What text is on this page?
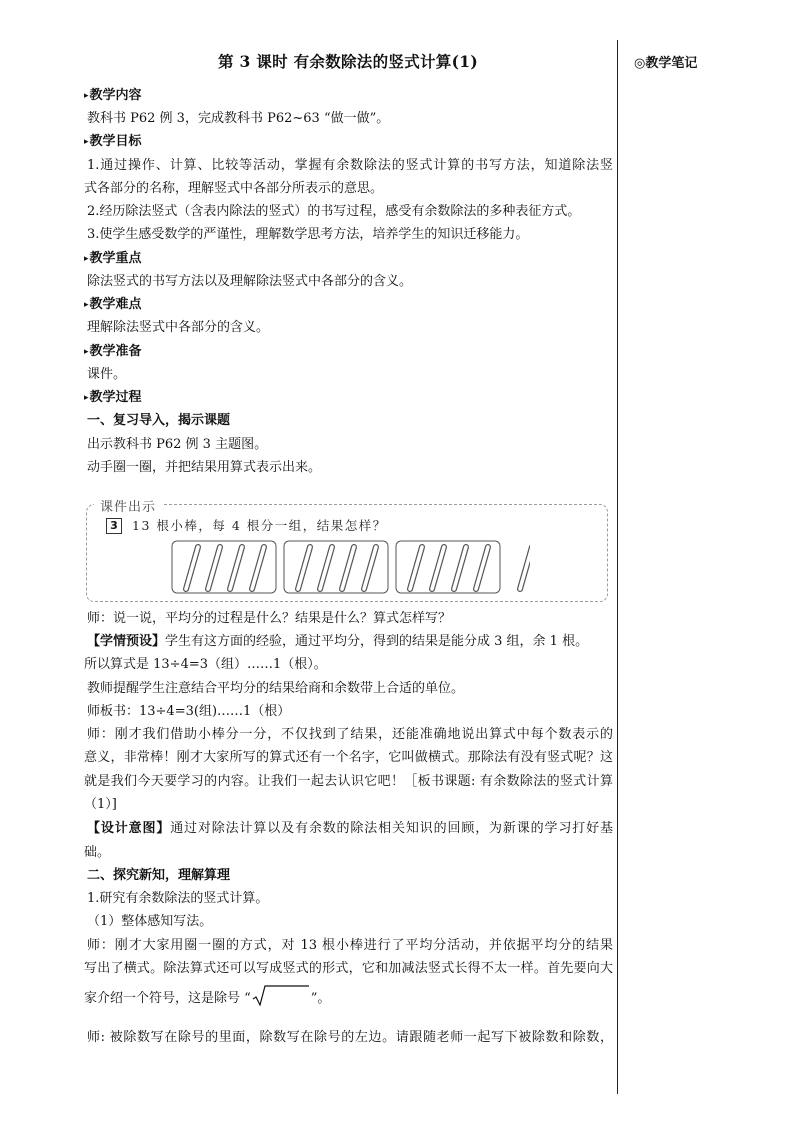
◎教学笔记
第 3 课时 有余数除法的竖式计算(1)
▸ 教学内容
教科书 P62 例 3，完成教科书 P62~63 “做一做”。
▸ 教学目标
1.通过操作、计算、比较等活动，掌握有余数除法的竖式计算的书写方法，知道除法竖
式各部分的名称，理解竖式中各部分所表示的意思。
2.经历除法竖式（含表内除法的竖式）的书写过程，感受有余数除法的多种表征方式。
3.使学生感受数学的严谨性，理解数学思考方法，培养学生的知识迁移能力。
▸ 教学重点
除法竖式的书写方法以及理解除法竖式中各部分的含义。
▸ 教学难点
理解除法竖式中各部分的含义。
▸ 教学准备
课件。
▸ 教学过程
一、复习导入，揭示课题
出示教科书 P62 例 3 主题图。
动手圈一圈，并把结果用算式表示出来。
课件出示
3	13 根小棒，每 4 根分一组，结果怎样？
师：说一说，平均分的过程是什么？结果是什么？算式怎样写？
【学情预设】学生有这方面的经验，通过平均分，得到的结果是能分成 3 组，余 1 根。
所以算式是 13÷4=3（组）……1（根）。
教师提醒学生注意结合平均分的结果给商和余数带上合适的单位。
师板书：13÷4=3(组)……1（根）
师：刚才我们借助小棒分一分，不仅找到了结果，还能准确地说出算式中每个数表示的
意义，非常棒！刚才大家所写的算式还有一个名字，它叫做横式。那除法有没有竖式呢？这
就是我们今天要学习的内容。让我们一起去认识它吧！［板书课题: 有余数除法的竖式计算
（1）]
【设计意图】通过对除法计算以及有余数的除法相关知识的回顾，为新课的学习打好基
础。
二、探究新知，理解算理
1.研究有余数除法的竖式计算。
（1）整体感知写法。
师：刚才大家用圈一圈的方式，对 13 根小棒进行了平均分活动，并依据平均分的结果
写出了横式。除法算式还可以写成竖式的形式，它和加减法竖式长得不太一样。首先要向大
家介绍一个符号，这是除号 “	”。
师: 被除数写在除号的里面，除数写在除号的左边。请跟随老师一起写下被除数和除数，
